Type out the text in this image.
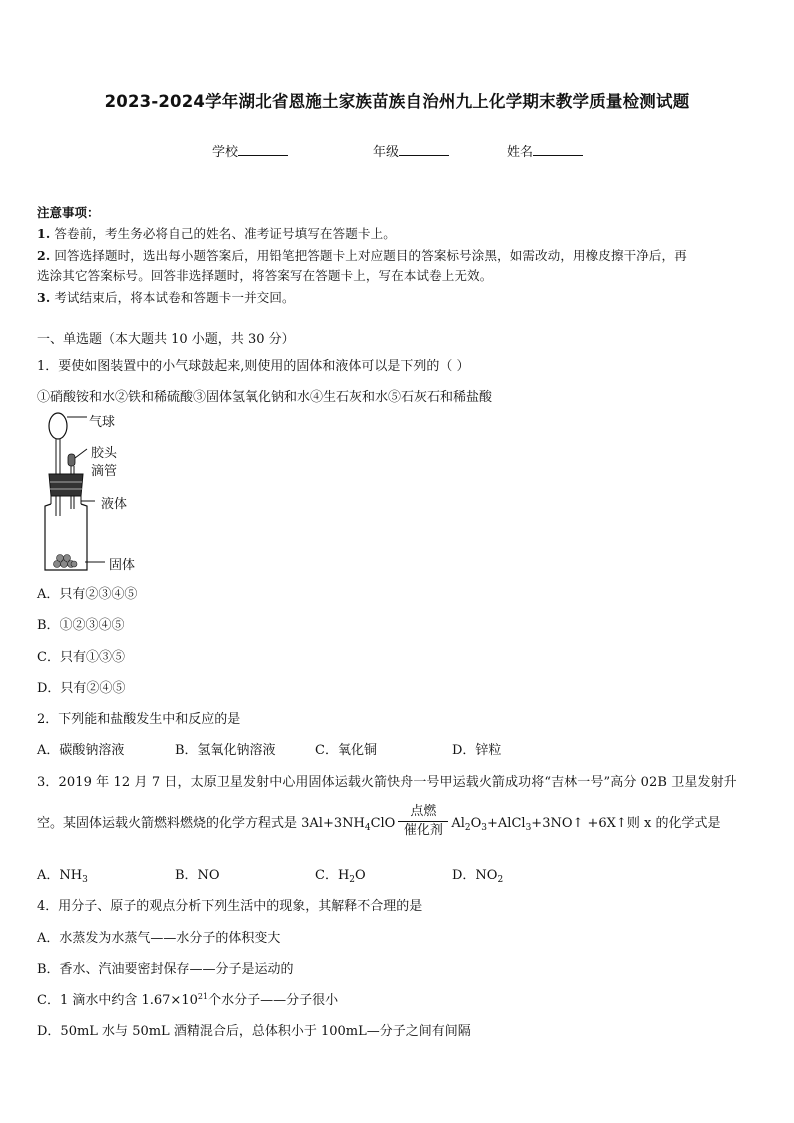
2023-2024学年湖北省恩施土家族苗族自治州九上化学期末教学质量检测试题
学校	年级	姓名
注意事项：
1. 答卷前，考生务必将自己的姓名、准考证号填写在答题卡上。
2. 回答选择题时，选出每小题答案后，用铅笔把答题卡上对应题目的答案标号涂黑，如需改动，用橡皮擦干净后，再
选涂其它答案标号。回答非选择题时，将答案写在答题卡上，写在本试卷上无效。
3. 考试结束后，将本试卷和答题卡一并交回。
一、单选题（本大题共 10 小题，共 30 分）
1．要使如图装置中的小气球鼓起来,则使用的固体和液体可以是下列的（ ）
①硝酸铵和水②铁和稀硫酸③固体氢氧化钠和水④生石灰和水⑤石灰石和稀盐酸
气球
胶头
滴管
液体
固体
A．只有②③④⑤
B．①②③④⑤
C．只有①③⑤
D．只有②④⑤
2．下列能和盐酸发生中和反应的是
A．碳酸钠溶液	B．氢氧化钠溶液	C．氧化铜	D．锌粒
3．2019 年 12 月 7 日，太原卫星发射中心用固体运载火箭快舟一号甲运载火箭成功将“吉林一号”高分 02B 卫星发射升
空。某固体运载火箭燃料燃烧的化学方程式是 $3Al+3NH_4ClO \frac{\text{点燃}}{\text{催化剂}}$ $Al_2O_3+AlCl_3+3NO↑$ +6X↑则 x 的化学式是
A．$NH_3$	B．NO	C．$H_2O$	D．$NO_2$
4．用分子、原子的观点分析下列生活中的现象，其解释不合理的是
A．水蒸发为水蒸气——水分子的体积变大
B．香水、汽油要密封保存——分子是运动的
C．1 滴水中约含 $1.67\times 10^{21}$个水分子——分子很小
D．50mL 水与 50mL 酒精混合后，总体积小于 100mL—分子之间有间隔
